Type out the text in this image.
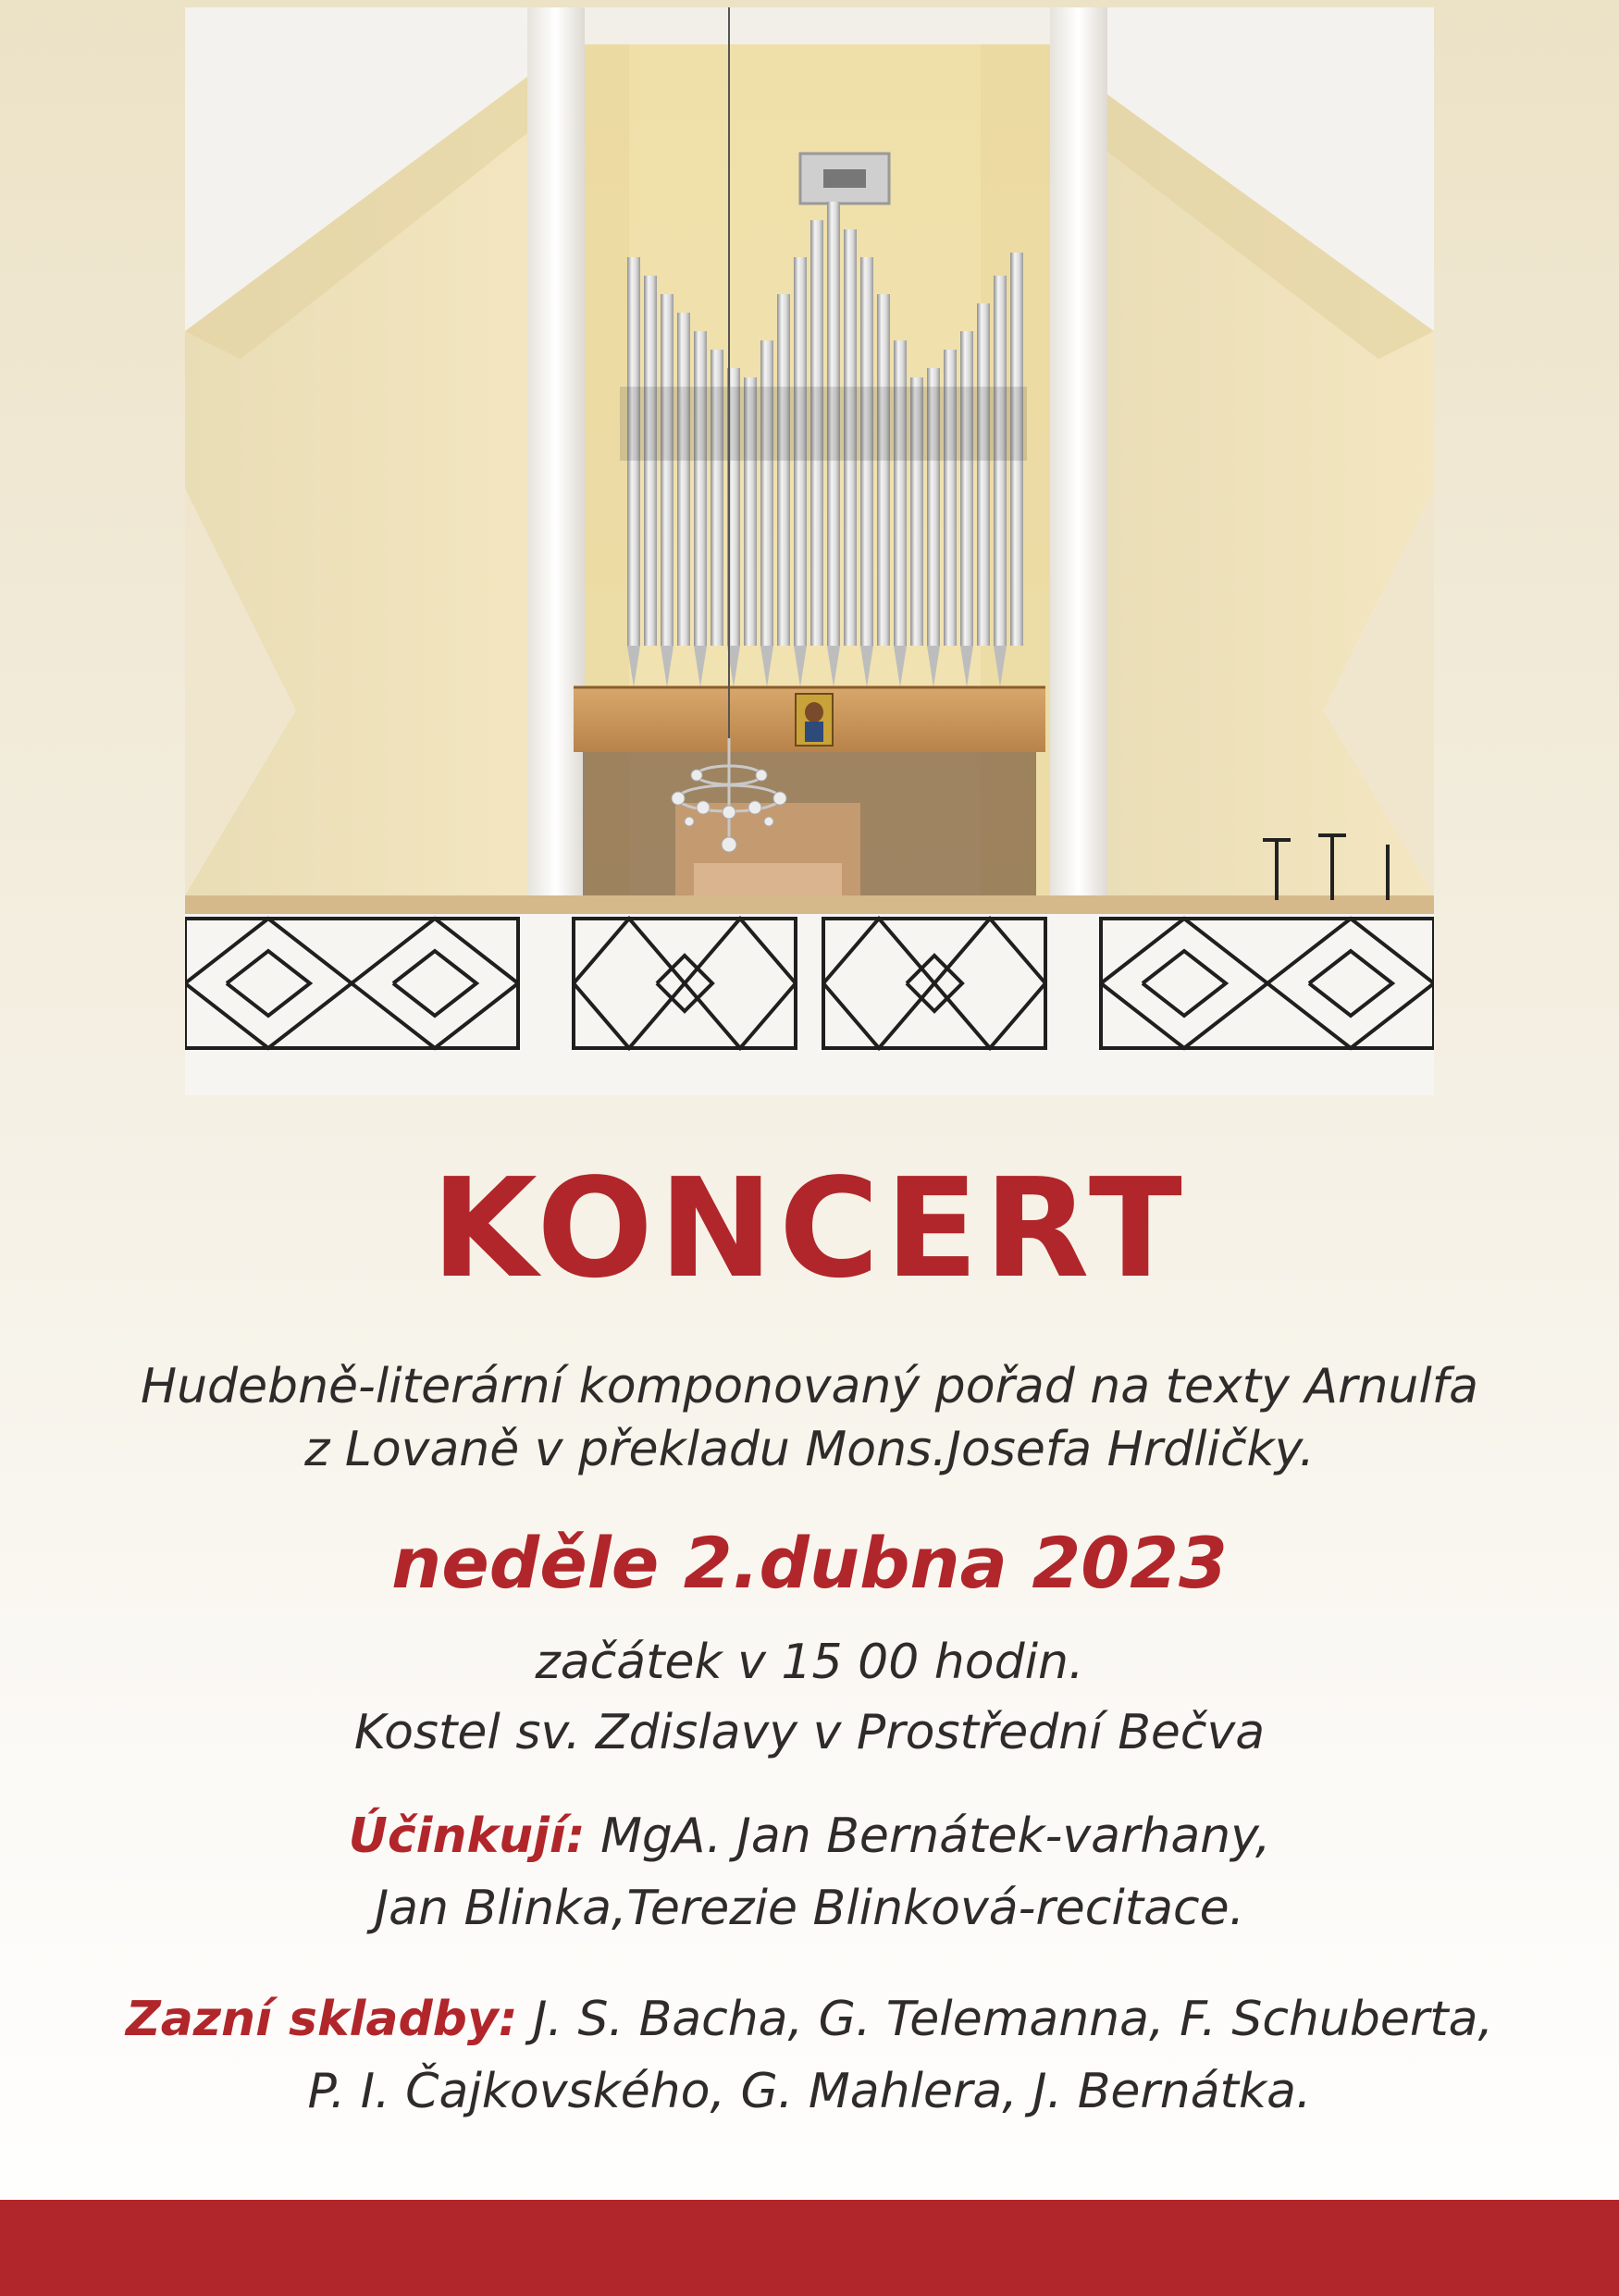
KONCERT
Hudebně-literární komponovaný pořad na texty Arnulfa
z Lovaně v překladu Mons.Josefa Hrdličky.
neděle 2.dubna 2023
začátek v 15 00 hodin.
Kostel sv. Zdislavy v Prostřední Bečva
Účinkují: MgA. Jan Bernátek-varhany,
Jan Blinka,Terezie Blinková-recitace.
Zazní skladby: J. S. Bacha, G. Telemanna, F. Schuberta,
P. I. Čajkovského, G. Mahlera, J. Bernátka.
